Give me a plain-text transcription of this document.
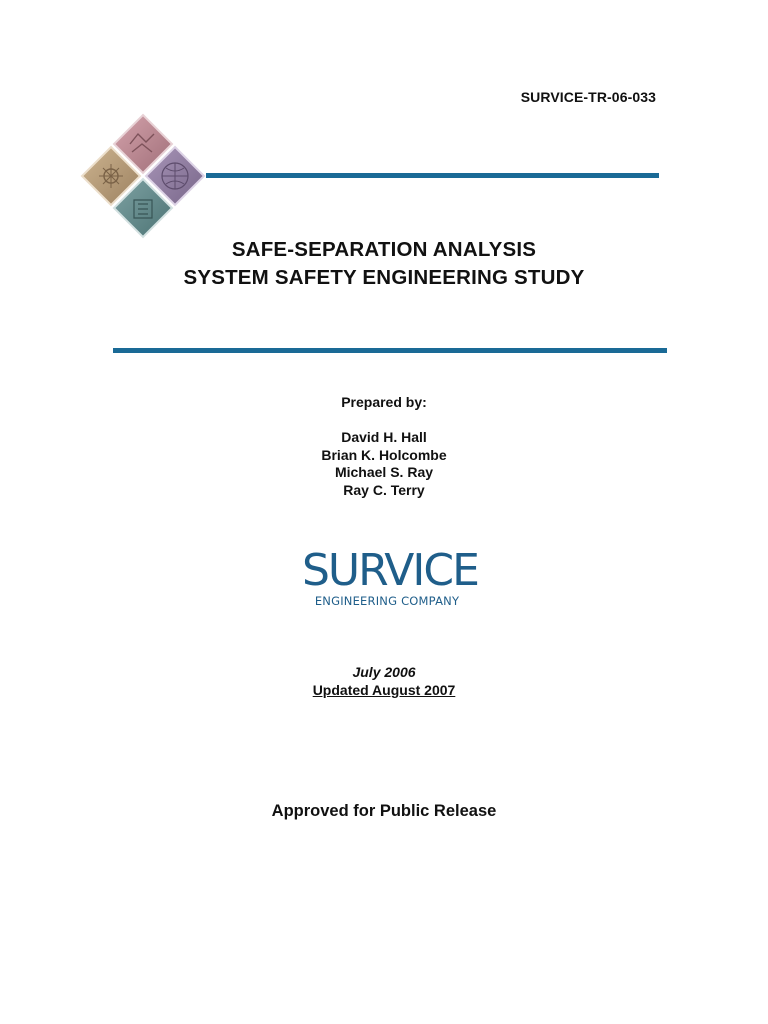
SURVICE-TR-06-033
SAFE-SEPARATION ANALYSIS
SYSTEM SAFETY ENGINEERING STUDY
Prepared by:
David H. Hall
Brian K. Holcombe
Michael S. Ray
Ray C. Terry
SURVICE
ENGINEERING COMPANY
July 2006
Updated August 2007
Approved for Public Release
